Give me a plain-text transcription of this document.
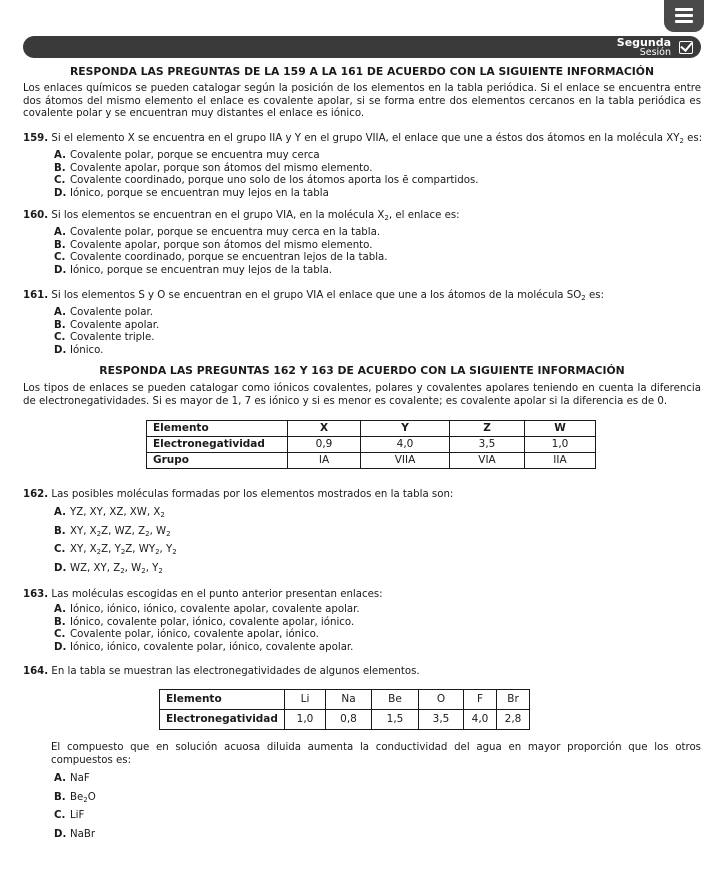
Segunda
Sesión
RESPONDA LAS PREGUNTAS DE LA 159 A LA 161 DE ACUERDO CON LA SIGUIENTE INFORMACIÓN
Los enlaces químicos se pueden catalogar según la posición de los elementos en la tabla periódica. Si el enlace se encuentra entre dos átomos del mismo elemento el enlace es covalente apolar, si se forma entre dos elementos cercanos en la tabla periódica es covalente polar y se encuentran muy distantes el enlace es iónico.
159. Si el elemento X se encuentra en el grupo IIA y Y en el grupo VIIA, el enlace que une a éstos dos átomos en la molécula $XY_2$ es:
A. Covalente polar, porque se encuentra muy cerca
B. Covalente apolar, porque son átomos del mismo elemento.
C. Covalente coordinado, porque uno solo de los átomos aporta los ē compartidos.
D. Iónico, porque se encuentran muy lejos en la tabla
160. Si los elementos se encuentran en el grupo VIA, en la molécula $X_2$, el enlace es:
A. Covalente polar, porque se encuentra muy cerca en la tabla.
B. Covalente apolar, porque son átomos del mismo elemento.
C. Covalente coordinado, porque se encuentran lejos de la tabla.
D. Iónico, porque se encuentran muy lejos de la tabla.
161. Si los elementos S y O se encuentran en el grupo VIA el enlace que une a los átomos de la molécula $SO_2$ es:
A. Covalente polar.
B. Covalente apolar.
C. Covalente triple.
D. Iónico.
RESPONDA LAS PREGUNTAS 162 Y 163 DE ACUERDO CON LA SIGUIENTE INFORMACIÓN
Los tipos de enlaces se pueden catalogar como iónicos covalentes, polares y covalentes apolares teniendo en cuenta la diferencia de electronegatividades. Si es mayor de 1, 7 es iónico y si es menor es covalente; es covalente apolar si la diferencia es de 0.
Elemento	X	Y	Z	W
Electronegatividad	0,9	4,0	3,5	1,0
Grupo	IA	VIIA	VIA	IIA
162. Las posibles moléculas formadas por los elementos mostrados en la tabla son:
A. YZ, XY, XZ, XW, $X_2$
B. XY, $X_2Z$, WZ, $Z_2$, $W_2$
C. XY, $X_2Z$, $Y_2Z$, $WY_2$, $Y_2$
D. WZ, XY, $Z_2$, $W_2$, $Y_2$
163. Las moléculas escogidas en el punto anterior presentan enlaces:
A. Iónico, iónico, iónico, covalente apolar, covalente apolar.
B. Iónico, covalente polar, iónico, covalente apolar, iónico.
C. Covalente polar, iónico, covalente apolar, iónico.
D. Iónico, iónico, covalente polar, iónico, covalente apolar.
164. En la tabla se muestran las electronegatividades de algunos elementos.
Elemento	Li	Na	Be	O	F	Br
Electronegatividad	1,0	0,8	1,5	3,5	4,0	2,8
El compuesto que en solución acuosa diluida aumenta la conductividad del agua en mayor proporción que los otros compuestos es:
A. NaF
B. $Be_2O$
C. LiF
D. NaBr
